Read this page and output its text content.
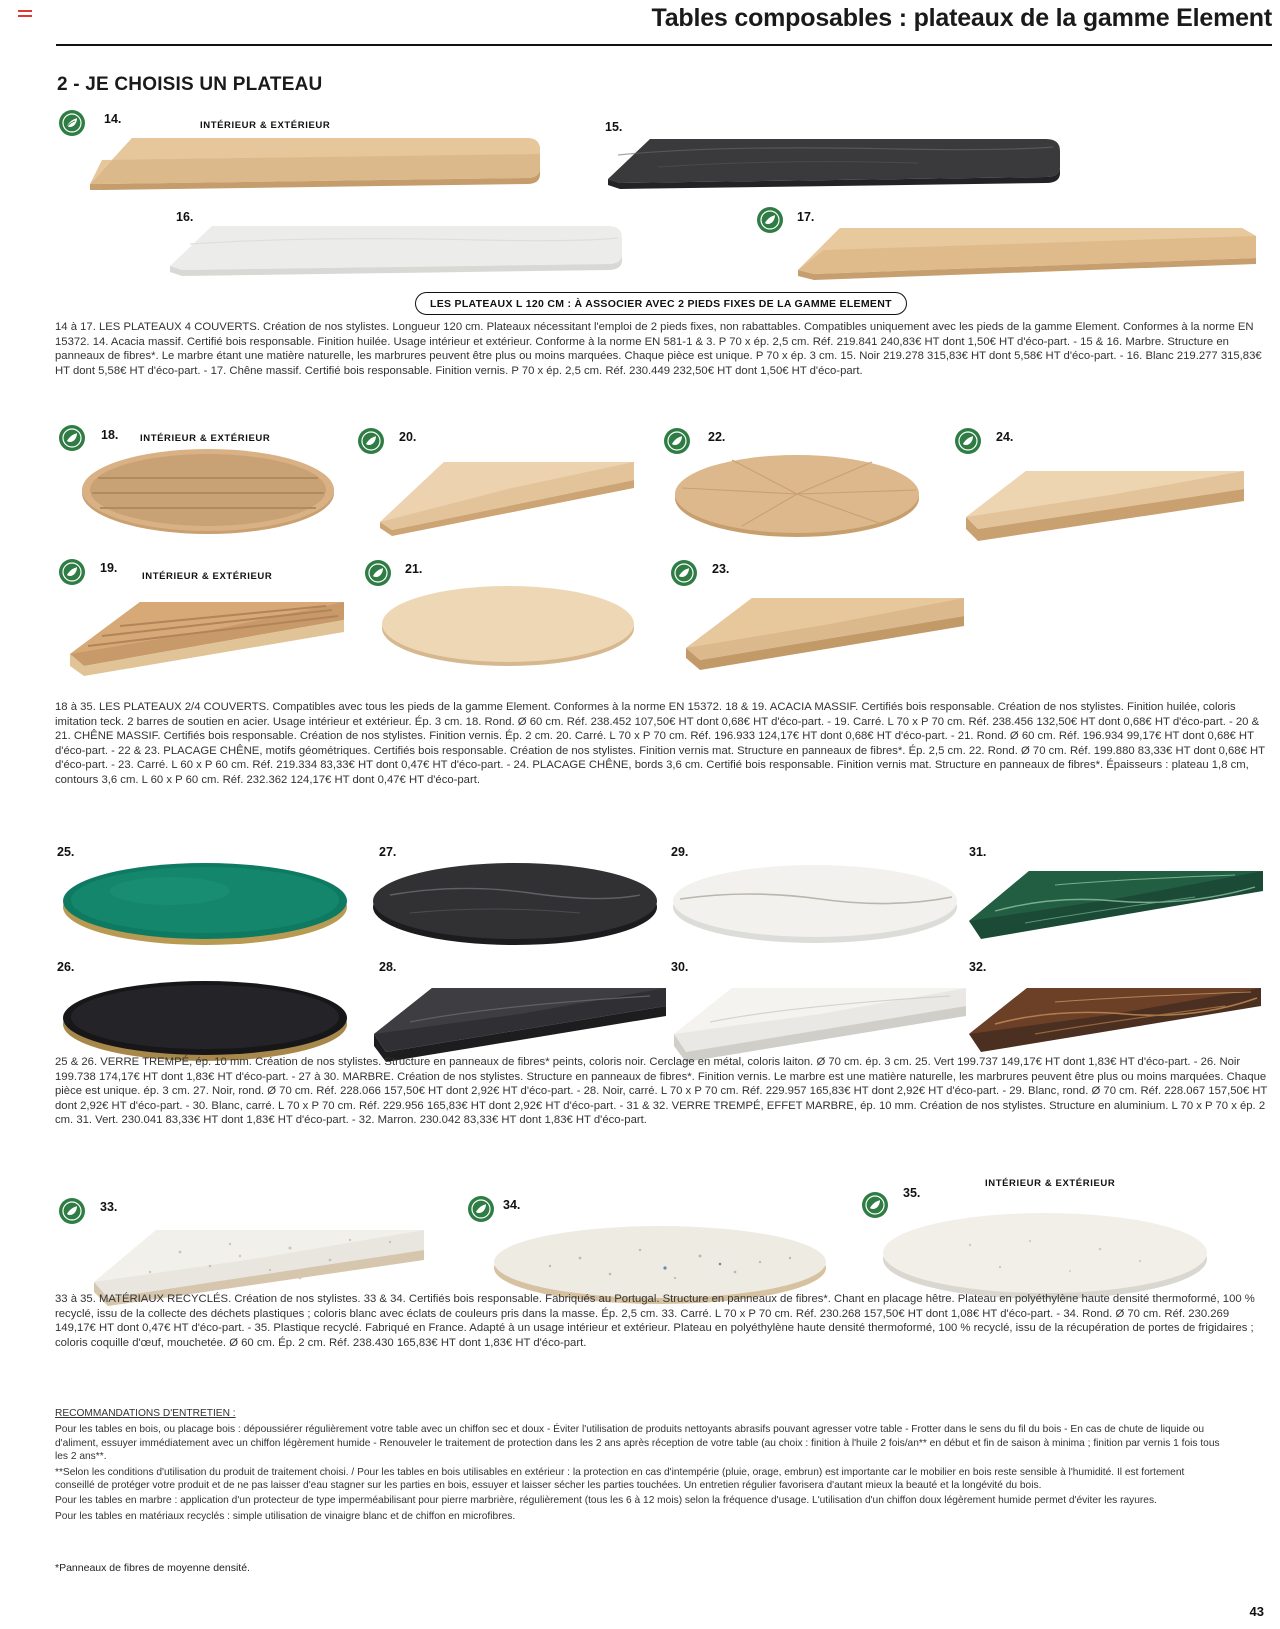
Tables composables : plateaux de la gamme Element
2 - JE CHOISIS UN PLATEAU
14.	INTÉRIEUR & EXTÉRIEUR	15.
16.	17.
LES PLATEAUX L 120 CM : À ASSOCIER AVEC 2 PIEDS FIXES DE LA GAMME ELEMENT
14 à 17. LES PLATEAUX 4 COUVERTS. Création de nos stylistes. Longueur 120 cm. Plateaux nécessitant l'emploi de 2 pieds fixes, non rabattables. Compatibles uniquement avec les pieds de la gamme Element. Conformes à la norme EN 15372. 14. Acacia massif. Certifié bois responsable. Finition huilée. Usage intérieur et extérieur. Conforme à la norme EN 581-1 & 3. P 70 x ép. 2,5 cm. Réf. 219.841 240,83€ HT dont 1,50€ HT d'éco-part. - 15 & 16. Marbre. Structure en panneaux de fibres*. Le marbre étant une matière naturelle, les marbrures peuvent être plus ou moins marquées. Chaque pièce est unique. P 70 x ép. 3 cm. 15. Noir 219.278 315,83€ HT dont 5,58€ HT d'éco-part. - 16. Blanc 219.277 315,83€ HT dont 5,58€ HT d'éco-part. - 17. Chêne massif. Certifié bois responsable. Finition vernis. P 70 x ép. 2,5 cm. Réf. 230.449 232,50€ HT dont 1,50€ HT d'éco-part.
18. INTÉRIEUR & EXTÉRIEUR	20.	22.	24.
19.
INTÉRIEUR & EXTÉRIEUR
21.	23.
18 à 35. LES PLATEAUX 2/4 COUVERTS. Compatibles avec tous les pieds de la gamme Element. Conformes à la norme EN 15372. 18 & 19. ACACIA MASSIF. Certifiés bois responsable. Création de nos stylistes. Finition huilée, coloris imitation teck. 2 barres de soutien en acier. Usage intérieur et extérieur. Ép. 3 cm. 18. Rond. Ø 60 cm. Réf. 238.452 107,50€ HT dont 0,68€ HT d'éco-part. - 19. Carré. L 70 x P 70 cm. Réf. 238.456 132,50€ HT dont 0,68€ HT d'éco-part. - 20 & 21. CHÊNE MASSIF. Certifiés bois responsable. Création de nos stylistes. Finition vernis. Ép. 2 cm. 20. Carré. L 70 x P 70 cm. Réf. 196.933 124,17€ HT dont 0,68€ HT d'éco-part. - 21. Rond. Ø 60 cm. Réf. 196.934 99,17€ HT dont 0,68€ HT d'éco-part. - 22 & 23. PLACAGE CHÊNE, motifs géométriques. Certifiés bois responsable. Création de nos stylistes. Finition vernis mat. Structure en panneaux de fibres*. Ép. 2,5 cm. 22. Rond. Ø 70 cm. Réf. 199.880 83,33€ HT dont 0,68€ HT d'éco-part. - 23. Carré. L 60 x P 60 cm. Réf. 219.334 83,33€ HT dont 0,47€ HT d'éco-part. - 24. PLACAGE CHÊNE, bords 3,6 cm. Certifié bois responsable. Finition vernis mat. Structure en panneaux de fibres*. Épaisseurs : plateau 1,8 cm, contours 3,6 cm. L 60 x P 60 cm. Réf. 232.362 124,17€ HT dont 0,47€ HT d'éco-part.
25.	27.	29.	31.
26.	28.	30.	32.
25 & 26. VERRE TREMPÉ, ép. 10 mm. Création de nos stylistes. Structure en panneaux de fibres* peints, coloris noir. Cerclage en métal, coloris laiton. Ø 70 cm. ép. 3 cm. 25. Vert 199.737 149,17€ HT dont 1,83€ HT d'éco-part. - 26. Noir 199.738 174,17€ HT dont 1,83€ HT d'éco-part. - 27 à 30. MARBRE. Création de nos stylistes. Structure en panneaux de fibres*. Finition vernis. Le marbre est une matière naturelle, les marbrures peuvent être plus ou moins marquées. Chaque pièce est unique. ép. 3 cm. 27. Noir, rond. Ø 70 cm. Réf. 228.066 157,50€ HT dont 2,92€ HT d'éco-part. - 28. Noir, carré. L 70 x P 70 cm. Réf. 229.957 165,83€ HT dont 2,92€ HT d'éco-part. - 29. Blanc, rond. Ø 70 cm. Réf. 228.067 157,50€ HT dont 2,92€ HT d'éco-part. - 30. Blanc, carré. L 70 x P 70 cm. Réf. 229.956 165,83€ HT dont 2,92€ HT d'éco-part. - 31 & 32. VERRE TREMPÉ, EFFET MARBRE, ép. 10 mm. Création de nos stylistes. Structure en aluminium. L 70 x P 70 x ép. 2 cm. 31. Vert. 230.041 83,33€ HT dont 1,83€ HT d'éco-part. - 32. Marron. 230.042 83,33€ HT dont 1,83€ HT d'éco-part.
33.	34.
35.
INTÉRIEUR & EXTÉRIEUR
33 à 35. MATÉRIAUX RECYCLÉS. Création de nos stylistes. 33 & 34. Certifiés bois responsable. Fabriqués au Portugal. Structure en panneaux de fibres*. Chant en placage hêtre. Plateau en polyéthylène haute densité thermoformé, 100 % recyclé, issu de la collecte des déchets plastiques ; coloris blanc avec éclats de couleurs pris dans la masse. Ép. 2,5 cm. 33. Carré. L 70 x P 70 cm. Réf. 230.268 157,50€ HT dont 1,08€ HT d'éco-part. - 34. Rond. Ø 70 cm. Réf. 230.269 149,17€ HT dont 0,47€ HT d'éco-part. - 35. Plastique recyclé. Fabriqué en France. Adapté à un usage intérieur et extérieur. Plateau en polyéthylène haute densité thermoformé, 100 % recyclé, issu de la récupération de portes de frigidaires ; coloris coquille d'œuf, mouchetée. Ø 60 cm. Ép. 2 cm. Réf. 238.430 165,83€ HT dont 1,83€ HT d'éco-part.
RECOMMANDATIONS D'ENTRETIEN :
Pour les tables en bois, ou placage bois : dépoussiérer régulièrement votre table avec un chiffon sec et doux - Éviter l'utilisation de produits nettoyants abrasifs pouvant agresser votre table - Frotter dans le sens du fil du bois - En cas de chute de liquide ou d'aliment, essuyer immédiatement avec un chiffon légèrement humide - Renouveler le traitement de protection dans les 2 ans après réception de votre table (au choix : finition à l'huile 2 fois/an** en début et fin de saison à minima ; finition par vernis 1 fois tous les 2 ans**.
**Selon les conditions d'utilisation du produit de traitement choisi. / Pour les tables en bois utilisables en extérieur : la protection en cas d'intempérie (pluie, orage, embrun) est importante car le mobilier en bois reste sensible à l'humidité. Il est fortement conseillé de protéger votre produit et de ne pas laisser d'eau stagner sur les parties en bois, essuyer et laisser sécher les parties touchées. Un entretien régulier favorisera d'autant mieux la beauté et la longévité du bois.
Pour les tables en marbre : application d'un protecteur de type imperméabilisant pour pierre marbrière, régulièrement (tous les 6 à 12 mois) selon la fréquence d'usage. L'utilisation d'un chiffon doux légèrement humide permet d'éviter les rayures.
Pour les tables en matériaux recyclés : simple utilisation de vinaigre blanc et de chiffon en microfibres.
*Panneaux de fibres de moyenne densité.
43
